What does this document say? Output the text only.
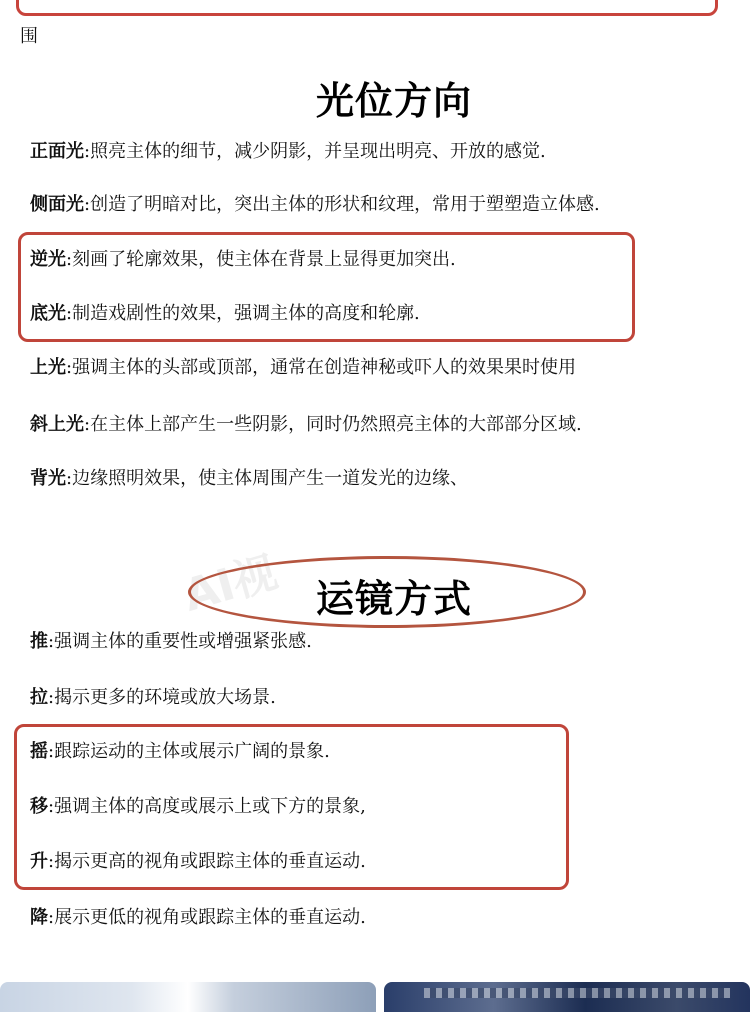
围
光位方向
正面光:照亮主体的细节，减少阴影，并呈现出明亮、开放的感觉.
侧面光:创造了明暗对比，突出主体的形状和纹理，常用于塑塑造立体感.
逆光:刻画了轮廓效果，使主体在背景上显得更加突出.
底光:制造戏剧性的效果，强调主体的高度和轮廓.
上光:强调主体的头部或顶部，通常在创造神秘或吓人的效果果时使用
斜上光:在主体上部产生一些阴影，同时仍然照亮主体的大部部分区域.
背光:边缘照明效果，使主体周围产生一道发光的边缘、
AI视 运镜方式
推:强调主体的重要性或增强紧张感.
拉:揭示更多的环境或放大场景.
摇:跟踪运动的主体或展示广阔的景象.
移:强调主体的高度或展示上或下方的景象,
升:揭示更高的视角或跟踪主体的垂直运动.
降:展示更低的视角或跟踪主体的垂直运动.
